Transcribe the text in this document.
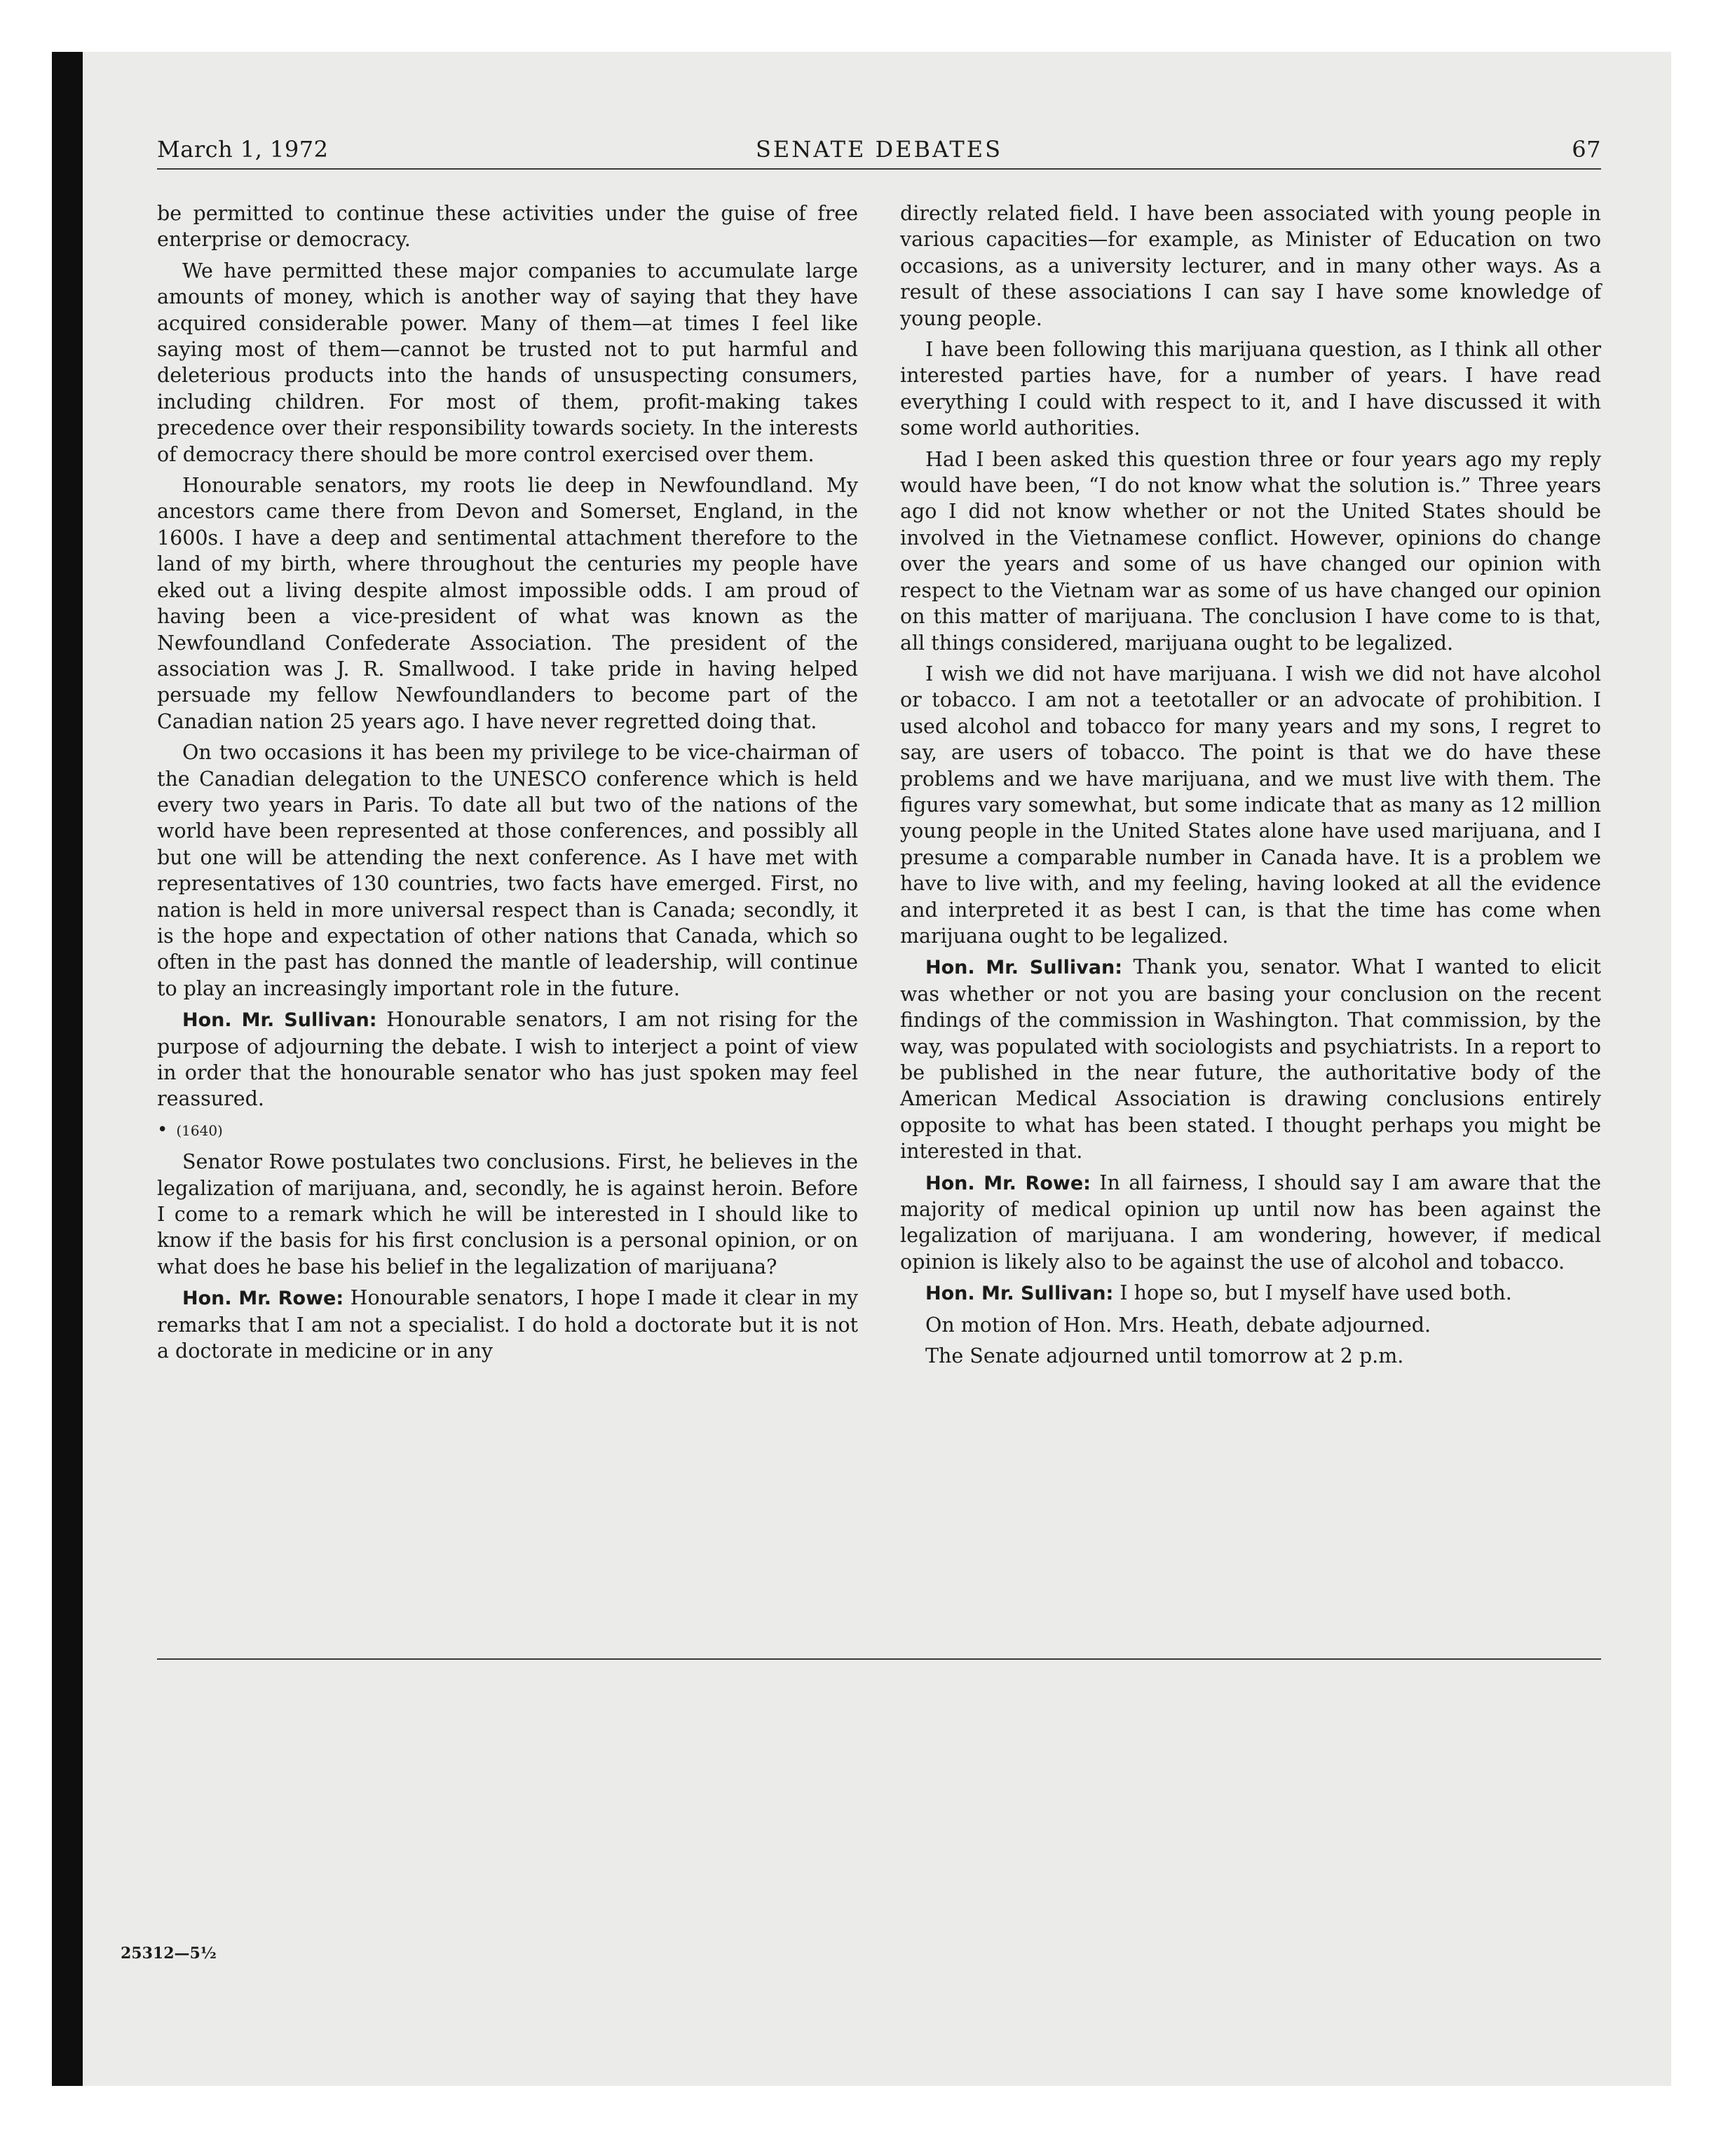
March 1, 1972	SENATE DEBATES	67

be permitted to continue these activities under the guise of free enterprise or democracy.

We have permitted these major companies to accumulate large amounts of money, which is another way of saying that they have acquired considerable power. Many of them—at times I feel like saying most of them—cannot be trusted not to put harmful and deleterious products into the hands of unsuspecting consumers, including children. For most of them, profit-making takes precedence over their responsibility towards society. In the interests of democracy there should be more control exercised over them.

Honourable senators, my roots lie deep in Newfoundland. My ancestors came there from Devon and Somerset, England, in the 1600s. I have a deep and sentimental attachment therefore to the land of my birth, where throughout the centuries my people have eked out a living despite almost impossible odds. I am proud of having been a vice-president of what was known as the Newfoundland Confederate Association. The president of the association was J. R. Smallwood. I take pride in having helped persuade my fellow Newfoundlanders to become part of the Canadian nation 25 years ago. I have never regretted doing that.

On two occasions it has been my privilege to be vice-chairman of the Canadian delegation to the UNESCO conference which is held every two years in Paris. To date all but two of the nations of the world have been represented at those conferences, and possibly all but one will be attending the next conference. As I have met with representatives of 130 countries, two facts have emerged. First, no nation is held in more universal respect than is Canada; secondly, it is the hope and expectation of other nations that Canada, which so often in the past has donned the mantle of leadership, will continue to play an increasingly important role in the future.

Hon. Mr. Sullivan: Honourable senators, I am not rising for the purpose of adjourning the debate. I wish to interject a point of view in order that the honourable senator who has just spoken may feel reassured.

• (1640)

Senator Rowe postulates two conclusions. First, he believes in the legalization of marijuana, and, secondly, he is against heroin. Before I come to a remark which he will be interested in I should like to know if the basis for his first conclusion is a personal opinion, or on what does he base his belief in the legalization of marijuana?

Hon. Mr. Rowe: Honourable senators, I hope I made it clear in my remarks that I am not a specialist. I do hold a doctorate but it is not a doctorate in medicine or in any

directly related field. I have been associated with young people in various capacities—for example, as Minister of Education on two occasions, as a university lecturer, and in many other ways. As a result of these associations I can say I have some knowledge of young people.

I have been following this marijuana question, as I think all other interested parties have, for a number of years. I have read everything I could with respect to it, and I have discussed it with some world authorities.

Had I been asked this question three or four years ago my reply would have been, “I do not know what the solution is.” Three years ago I did not know whether or not the United States should be involved in the Vietnamese conflict. However, opinions do change over the years and some of us have changed our opinion with respect to the Vietnam war as some of us have changed our opinion on this matter of marijuana. The conclusion I have come to is that, all things considered, marijuana ought to be legalized.

I wish we did not have marijuana. I wish we did not have alcohol or tobacco. I am not a teetotaller or an advocate of prohibition. I used alcohol and tobacco for many years and my sons, I regret to say, are users of tobacco. The point is that we do have these problems and we have marijuana, and we must live with them. The figures vary somewhat, but some indicate that as many as 12 million young people in the United States alone have used marijuana, and I presume a comparable number in Canada have. It is a problem we have to live with, and my feeling, having looked at all the evidence and interpreted it as best I can, is that the time has come when marijuana ought to be legalized.

Hon. Mr. Sullivan: Thank you, senator. What I wanted to elicit was whether or not you are basing your conclusion on the recent findings of the commission in Washington. That commission, by the way, was populated with sociologists and psychiatrists. In a report to be published in the near future, the authoritative body of the American Medical Association is drawing conclusions entirely opposite to what has been stated. I thought perhaps you might be interested in that.

Hon. Mr. Rowe: In all fairness, I should say I am aware that the majority of medical opinion up until now has been against the legalization of marijuana. I am wondering, however, if medical opinion is likely also to be against the use of alcohol and tobacco.

Hon. Mr. Sullivan: I hope so, but I myself have used both.

On motion of Hon. Mrs. Heath, debate adjourned.

The Senate adjourned until tomorrow at 2 p.m.

25312—5½
